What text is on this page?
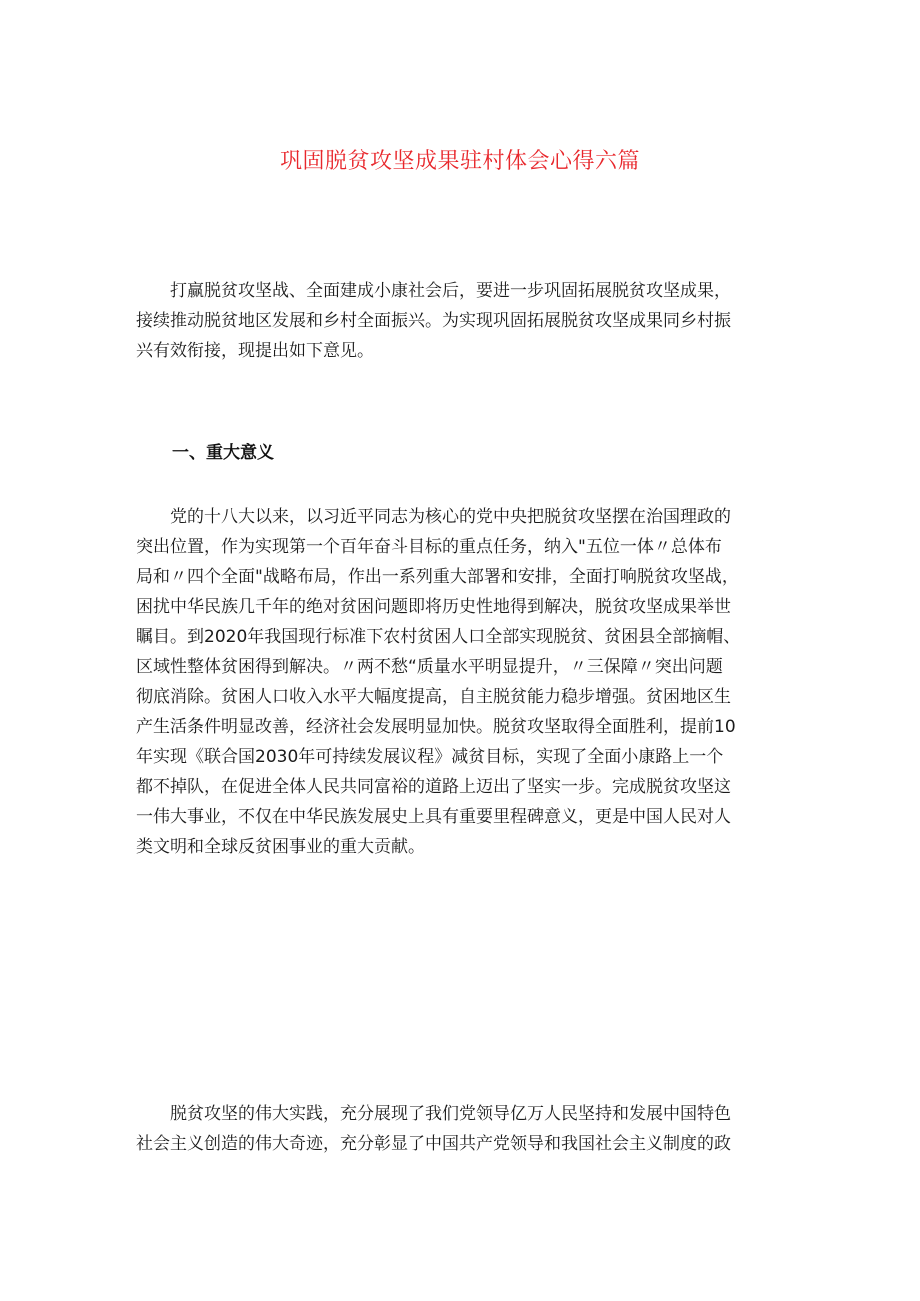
巩固脱贫攻坚成果驻村体会心得六篇
打赢脱贫攻坚战、全面建成小康社会后，要进一步巩固拓展脱贫攻坚成果，
接续推动脱贫地区发展和乡村全面振兴。为实现巩固拓展脱贫攻坚成果同乡村振
兴有效衔接，现提出如下意见。
一、重大意义
党的十八大以来，以习近平同志为核心的党中央把脱贫攻坚摆在治国理政的
突出位置，作为实现第一个百年奋斗目标的重点任务，纳入"五位一体〃总体布
局和〃四个全面"战略布局，作出一系列重大部署和安排，全面打响脱贫攻坚战，
困扰中华民族几千年的绝对贫困问题即将历史性地得到解决，脱贫攻坚成果举世
瞩目。到2020年我国现行标准下农村贫困人口全部实现脱贫、贫困县全部摘帽、
区域性整体贫困得到解决。〃两不愁“质量水平明显提升，〃三保障〃突出问题
彻底消除。贫困人口收入水平大幅度提高，自主脱贫能力稳步增强。贫困地区生
产生活条件明显改善，经济社会发展明显加快。脱贫攻坚取得全面胜利，提前10
年实现《联合国2030年可持续发展议程》减贫目标，实现了全面小康路上一个
都不掉队，在促进全体人民共同富裕的道路上迈出了坚实一步。完成脱贫攻坚这
一伟大事业，不仅在中华民族发展史上具有重要里程碑意义，更是中国人民对人
类文明和全球反贫困事业的重大贡献。
脱贫攻坚的伟大实践，充分展现了我们党领导亿万人民坚持和发展中国特色
社会主义创造的伟大奇迹，充分彰显了中国共产党领导和我国社会主义制度的政
